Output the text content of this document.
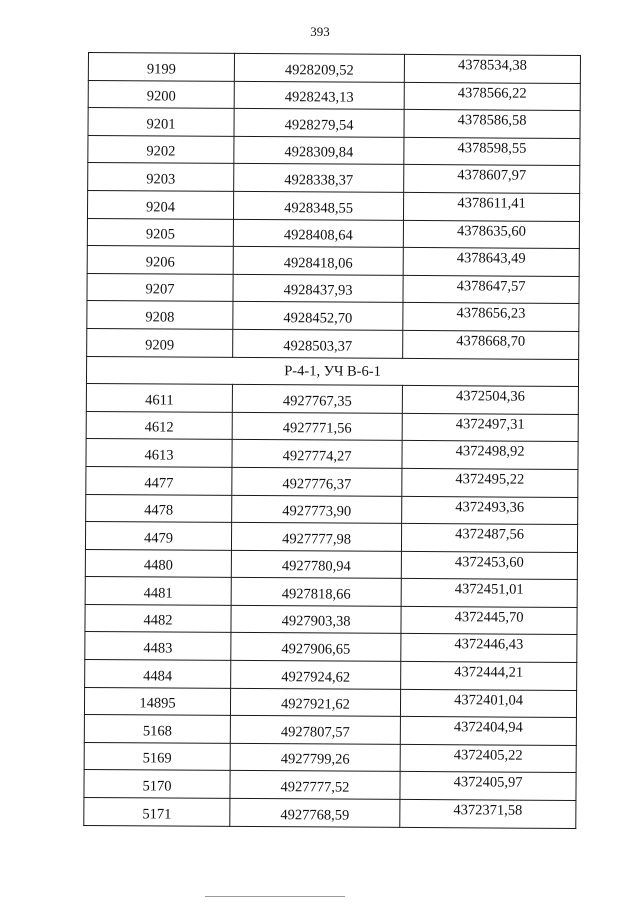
393
9199	4928209,52	4378534,38
9200	4928243,13	4378566,22
9201	4928279,54	4378586,58
9202	4928309,84	4378598,55
9203	4928338,37	4378607,97
9204	4928348,55	4378611,41
9205	4928408,64	4378635,60
9206	4928418,06	4378643,49
9207	4928437,93	4378647,57
9208	4928452,70	4378656,23
9209	4928503,37	4378668,70
Р-4-1, УЧ В-6-1		
4611	4927767,35	4372504,36
4612	4927771,56	4372497,31
4613	4927774,27	4372498,92
4477	4927776,37	4372495,22
4478	4927773,90	4372493,36
4479	4927777,98	4372487,56
4480	4927780,94	4372453,60
4481	4927818,66	4372451,01
4482	4927903,38	4372445,70
4483	4927906,65	4372446,43
4484	4927924,62	4372444,21
14895	4927921,62	4372401,04
5168	4927807,57	4372404,94
5169	4927799,26	4372405,22
5170	4927777,52	4372405,97
5171	4927768,59	4372371,58
